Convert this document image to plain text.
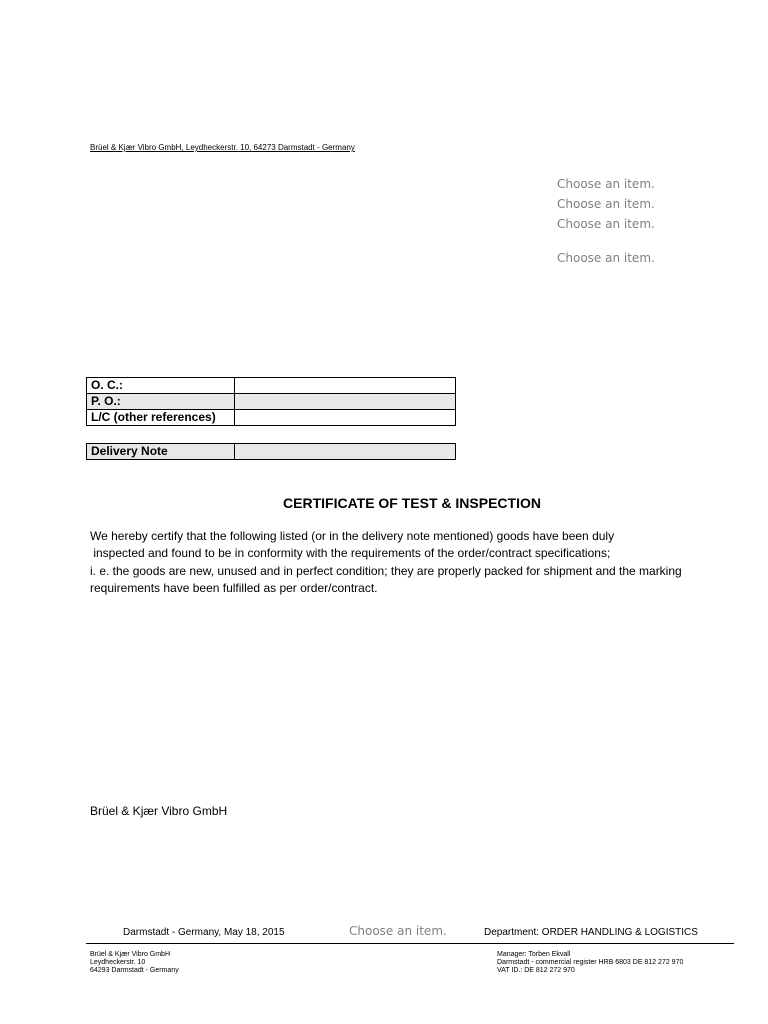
Brüel & Kjær Vibro GmbH, Leydheckerstr. 10, 64273 Darmstadt - Germany
Choose an item.
Choose an item.
Choose an item.
Choose an item.
O. C.:	
P. O.:	
L/C (other references)	
Delivery Note	
CERTIFICATE OF TEST & INSPECTION
We hereby certify that the following listed (or in the delivery note mentioned) goods have been duly
inspected and found to be in conformity with the requirements of the order/contract specifications;
i. e. the goods are new, unused and in perfect condition; they are properly packed for shipment and the marking
requirements have been fulfilled as per order/contract.
Brüel & Kjær Vibro GmbH
Darmstadt - Germany, May 18, 2015	Choose an item.	Department: ORDER HANDLING & LOGISTICS
Brüel & Kjær Vibro GmbH
Leydheckerstr. 10
64293 Darmstadt - Germany
Manager: Torben Ekvall
Darmstadt - commercial register HRB 6803 DE 812 272 970
VAT ID.: DE 812 272 970
